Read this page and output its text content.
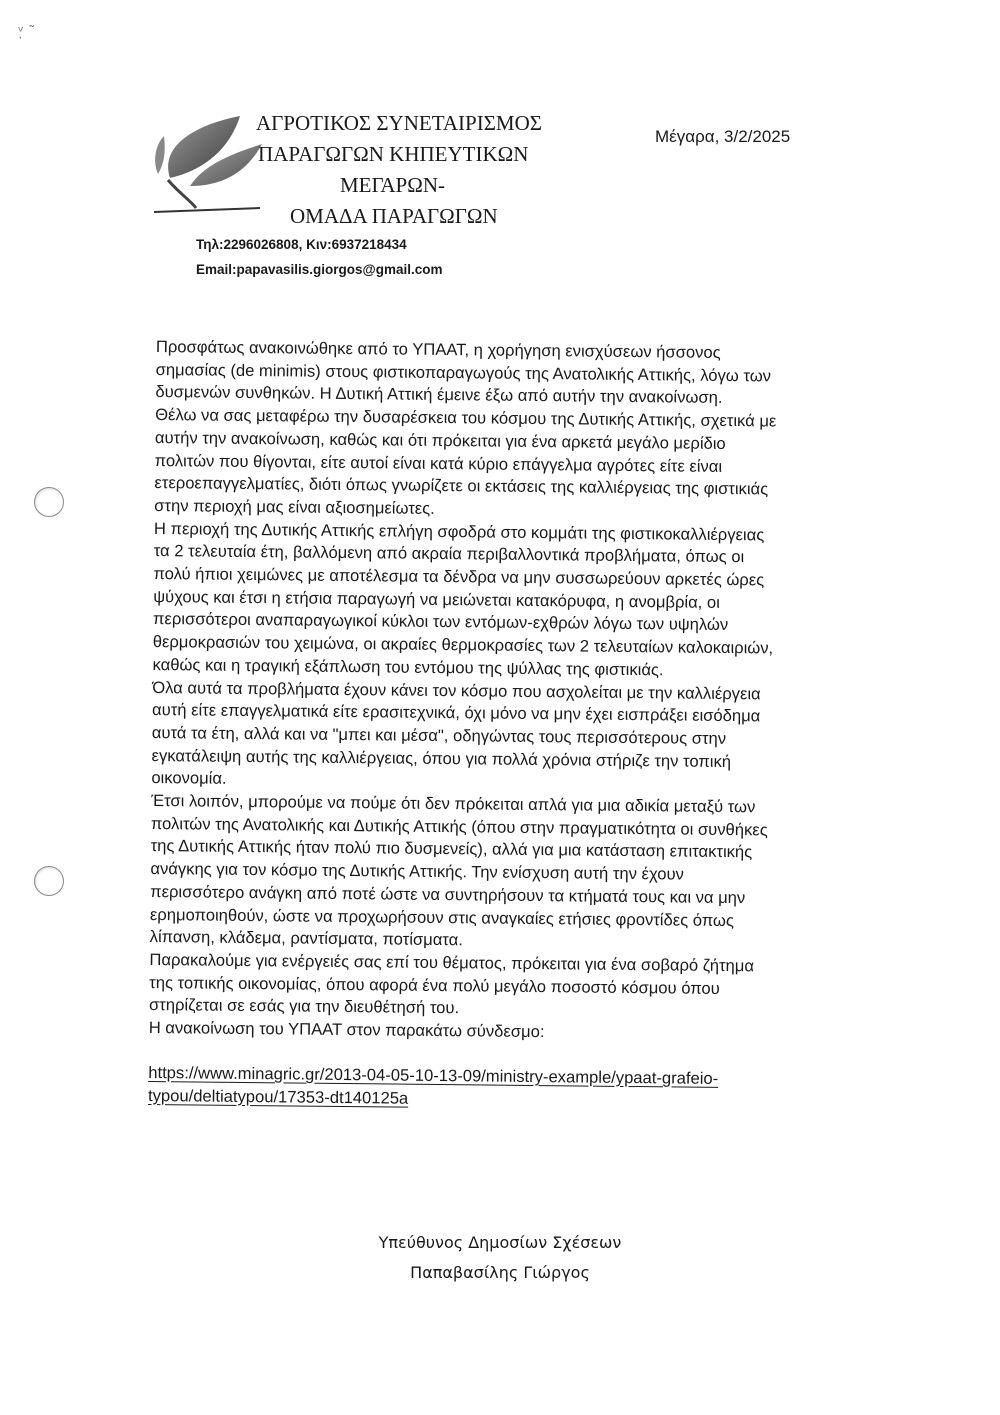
ᵛ̣ ˜
ΑΓΡΟΤΙΚΟΣ ΣΥΝΕΤΑΙΡΙΣΜΟΣ
ΠΑΡΑΓΩΓΩΝ ΚΗΠΕΥΤΙΚΩΝ
ΜΕΓΑΡΩΝ-
ΟΜΑΔΑ ΠΑΡΑΓΩΓΩΝ
Τηλ:2296026808, Κιν:6937218434
Email:papavasilis.giorgos@gmail.com
Μέγαρα, 3/2/2025

Προσφάτως ανακοινώθηκε από το ΥΠΑΑΤ, η χορήγηση ενισχύσεων ήσσονος

σημασίας (de minimis) στους φιστικοπαραγωγούς της Ανατολικής Αττικής, λόγω των

δυσμενών συνθηκών. Η Δυτική Αττική έμεινε έξω από αυτήν την ανακοίνωση.

Θέλω να σας μεταφέρω την δυσαρέσκεια του κόσμου της Δυτικής Αττικής, σχετικά με

αυτήν την ανακοίνωση, καθώς και ότι πρόκειται για ένα αρκετά μεγάλο μερίδιο

πολιτών που θίγονται, είτε αυτοί είναι κατά κύριο επάγγελμα αγρότες είτε είναι

ετεροεπαγγελματίες, διότι όπως γνωρίζετε οι εκτάσεις της καλλιέργειας της φιστικιάς

στην περιοχή μας είναι αξιοσημείωτες.

Η περιοχή της Δυτικής Αττικής επλήγη σφοδρά στο κομμάτι της φιστικοκαλλιέργειας

τα 2 τελευταία έτη, βαλλόμενη από ακραία περιβαλλοντικά προβλήματα, όπως οι

πολύ ήπιοι χειμώνες με αποτέλεσμα τα δένδρα να μην συσσωρεύουν αρκετές ώρες

ψύχους και έτσι η ετήσια παραγωγή να μειώνεται κατακόρυφα, η ανομβρία, οι

περισσότεροι αναπαραγωγικοί κύκλοι των εντόμων-εχθρών λόγω των υψηλών

θερμοκρασιών του χειμώνα, οι ακραίες θερμοκρασίες των 2 τελευταίων καλοκαιριών,

καθώς και η τραγική εξάπλωση του εντόμου της ψύλλας της φιστικιάς.

Όλα αυτά τα προβλήματα έχουν κάνει τον κόσμο που ασχολείται με την καλλιέργεια

αυτή είτε επαγγελματικά είτε ερασιτεχνικά, όχι μόνο να μην έχει εισπράξει εισόδημα

αυτά τα έτη, αλλά και να "μπει και μέσα", οδηγώντας τους περισσότερους στην

εγκατάλειψη αυτής της καλλιέργειας, όπου για πολλά χρόνια στήριζε την τοπική

οικονομία.

Έτσι λοιπόν, μπορούμε να πούμε ότι δεν πρόκειται απλά για μια αδικία μεταξύ των

πολιτών της Ανατολικής και Δυτικής Αττικής (όπου στην πραγματικότητα οι συνθήκες

της Δυτικής Αττικής ήταν πολύ πιο δυσμενείς), αλλά για μια κατάσταση επιτακτικής

ανάγκης για τον κόσμο της Δυτικής Αττικής. Την ενίσχυση αυτή την έχουν

περισσότερο ανάγκη από ποτέ ώστε να συντηρήσουν τα κτήματά τους και να μην

ερημοποιηθούν, ώστε να προχωρήσουν στις αναγκαίες ετήσιες φροντίδες όπως

λίπανση, κλάδεμα, ραντίσματα, ποτίσματα.

Παρακαλούμε για ενέργειές σας επί του θέματος, πρόκειται για ένα σοβαρό ζήτημα

της τοπικής οικονομίας, όπου αφορά ένα πολύ μεγάλο ποσοστό κόσμου όπου

στηρίζεται σε εσάς για την διευθέτησή του.

Η ανακοίνωση του ΥΠΑΑΤ στον παρακάτω σύνδεσμο:

https://www.minagric.gr/2013-04-05-10-13-09/ministry-example/ypaat-grafeio-

typou/deltiatypou/17353-dt140125a

Υπεύθυνος Δημοσίων Σχέσεων
Παπαβασίλης Γιώργος
